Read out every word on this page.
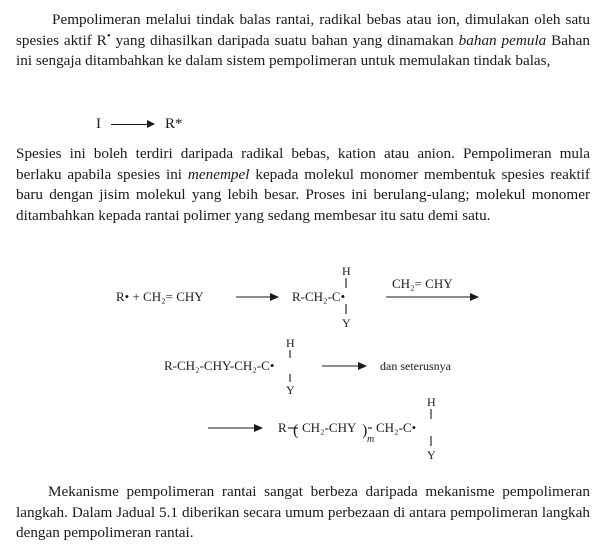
Pempolimeran melalui tindak balas rantai, radikal bebas atau ion, dimulakan oleh satu spesies aktif R• yang dihasilkan daripada suatu bahan yang dinamakan bahan pemula Bahan ini sengaja ditambahkan ke dalam sistem pempolimeran untuk memulakan tindak balas,

I	R*

Spesies ini boleh terdiri daripada radikal bebas, kation atau anion. Pempolimeran mula berlaku apabila spesies ini menempel kepada molekul monomer membentuk spesies reaktif baru dengan jisim molekul yang lebih besar. Proses ini berulang-ulang; molekul monomer ditambahkan kepada rantai polimer yang sedang membesar itu satu demi satu.

R• + CH₂= CHY	R-CH₂-C•
H
Y
CH₂= CHY
R-CH₂-CHY-CH₂-C•
H
Y
dan seterusnya
R ( CH₂-CHY )
m
CH₂-C•
H
Y

Mekanisme pempolimeran rantai sangat berbeza daripada mekanisme pempolimeran langkah. Dalam Jadual 5.1 diberikan secara umum perbezaan di antara pempolimeran langkah dengan pempolimeran rantai.
